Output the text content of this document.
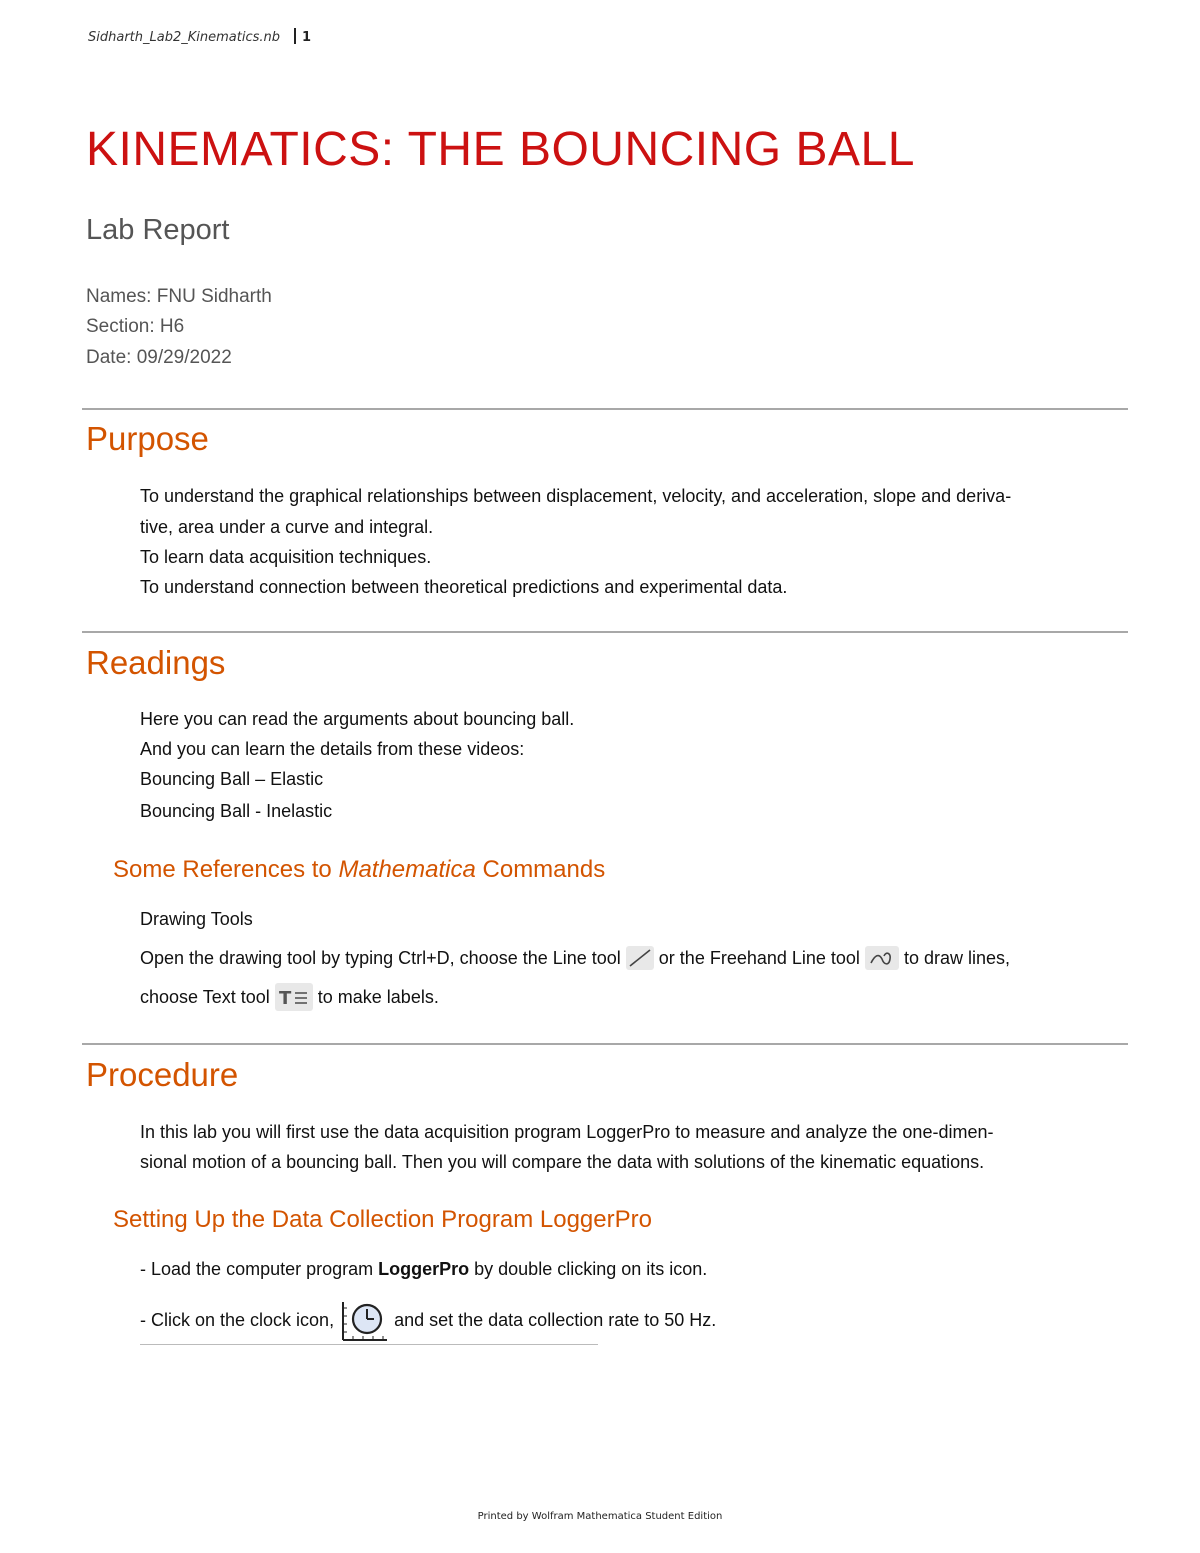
Sidharth_Lab2_Kinematics.nb 1
KINEMATICS: THE BOUNCING BALL
Lab Report
Names: FNU Sidharth
Section: H6
Date: 09/29/2022
Purpose
To understand the graphical relationships between displacement, velocity, and acceleration, slope and deriva-
tive, area under a curve and integral.
To learn data acquisition techniques.
To understand connection between theoretical predictions and experimental data.
Readings
Here you can read the arguments about bouncing ball.
And you can learn the details from these videos:
Bouncing Ball – Elastic
Bouncing Ball - Inelastic
Some References to Mathematica Commands
Drawing Tools
Open the drawing tool by typing Ctrl+D, choose the Line tool  or the Freehand Line tool  to draw lines,
choose Text tool T to make labels.
Procedure
In this lab you will first use the data acquisition program LoggerPro to measure and analyze the one-dimen-
sional motion of a bouncing ball. Then you will compare the data with solutions of the kinematic equations.
Setting Up the Data Collection Program LoggerPro
- Load the computer program LoggerPro by double clicking on its icon.
- Click on the clock icon,	and set the data collection rate to 50 Hz.
Printed by Wolfram Mathematica Student Edition
